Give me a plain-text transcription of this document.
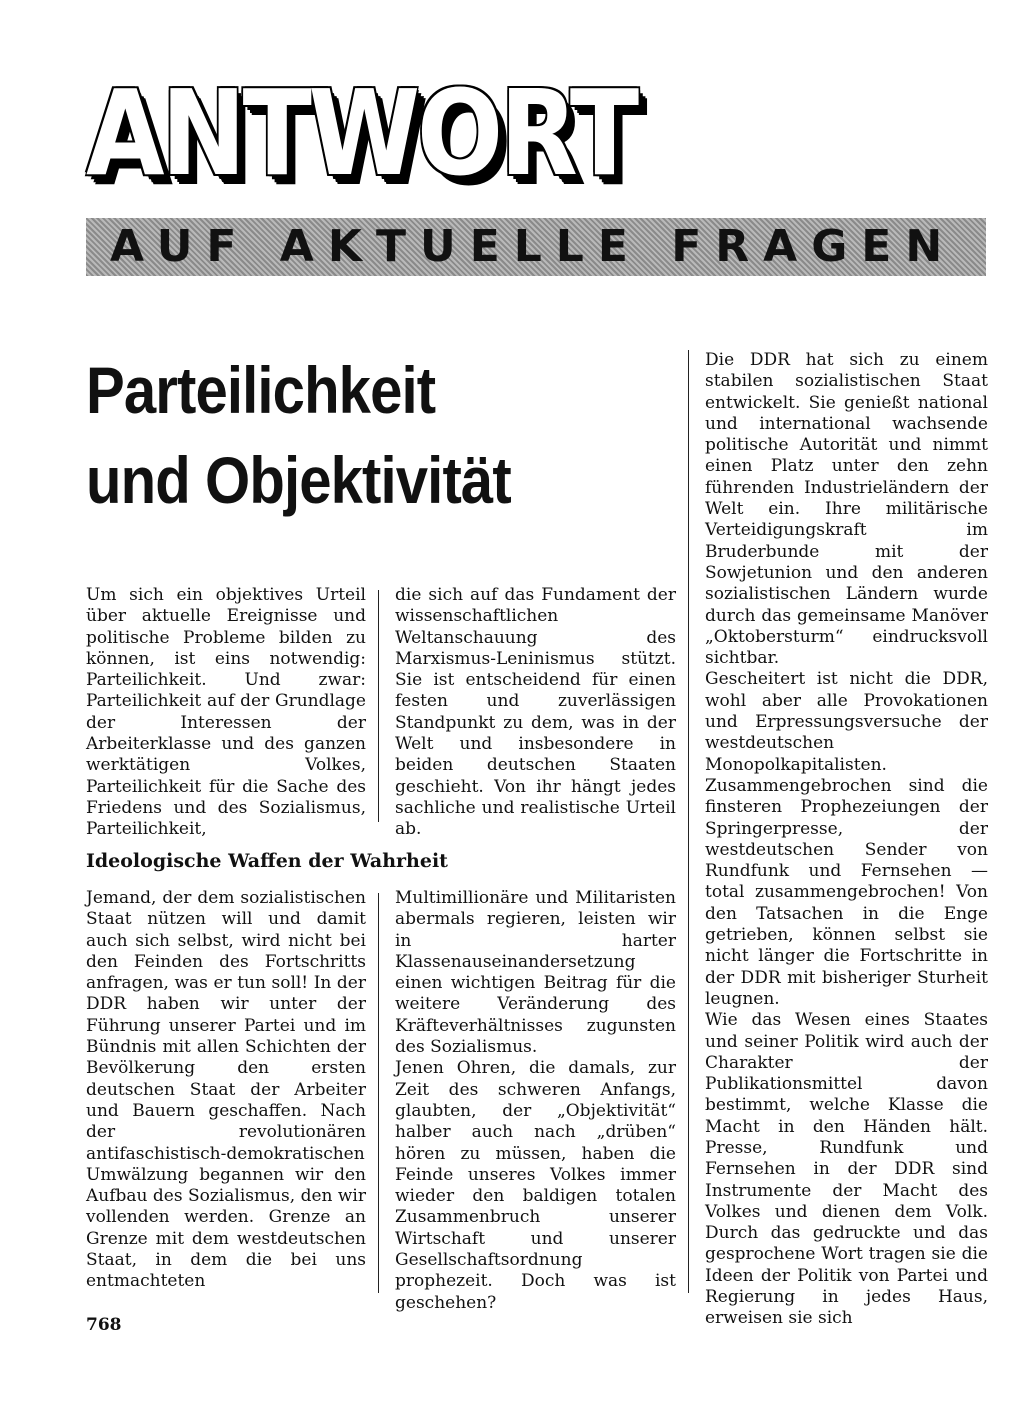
ANTWORT
AUF AKTUELLE FRAGEN
Parteilichkeit
und Objektivität

Um sich ein objektives Urteil über aktuelle Ereignisse und politische Probleme bilden zu können, ist eins notwendig: Parteilichkeit. Und zwar: Parteilichkeit auf der Grundlage der Interessen der Arbeiterklasse und des ganzen werktätigen Volkes, Parteilichkeit für die Sache des Friedens und des Sozialismus, Parteilichkeit,

die sich auf das Fundament der wissenschaftlichen Weltanschauung des Marxismus-Leninismus stützt. Sie ist entscheidend für einen festen und zuverlässigen Standpunkt zu dem, was in der Welt und insbesondere in beiden deutschen Staaten geschieht. Von ihr hängt jedes sachliche und realistische Urteil ab.

Ideologische Waffen der Wahrheit

Jemand, der dem sozialistischen Staat nützen will und damit auch sich selbst, wird nicht bei den Feinden des Fortschritts anfragen, was er tun soll! In der DDR haben wir unter der Führung unserer Partei und im Bündnis mit allen Schichten der Bevölkerung den ersten deutschen Staat der Arbeiter und Bauern geschaffen. Nach der revolutionären antifaschistisch-demokratischen Umwälzung begannen wir den Aufbau des Sozialismus, den wir vollenden werden. Grenze an Grenze mit dem westdeutschen Staat, in dem die bei uns entmachteten

Multimillionäre und Militaristen abermals regieren, leisten wir in harter Klassenauseinandersetzung einen wichtigen Beitrag für die weitere Veränderung des Kräfteverhältnisses zugunsten des Sozialismus.

Jenen Ohren, die damals, zur Zeit des schweren Anfangs, glaubten, der „Objektivität“ halber auch nach „drüben“ hören zu müssen, haben die Feinde unseres Volkes immer wieder den baldigen totalen Zusammenbruch unserer Wirtschaft und unserer Gesellschaftsordnung prophezeit. Doch was ist geschehen?

Die DDR hat sich zu einem stabilen sozialistischen Staat entwickelt. Sie genießt national und international wachsende politische Autorität und nimmt einen Platz unter den zehn führenden Industrieländern der Welt ein. Ihre militärische Verteidigungskraft im Bruderbunde mit der Sowjetunion und den anderen sozialistischen Ländern wurde durch das gemeinsame Manöver „Oktobersturm“ eindrucksvoll sichtbar.

Gescheitert ist nicht die DDR, wohl aber alle Provokationen und Erpressungsversuche der westdeutschen Monopolkapitalisten. Zusammengebrochen sind die finsteren Prophezeiungen der Springerpresse, der westdeutschen Sender von Rundfunk und Fernsehen — total zusammengebrochen! Von den Tatsachen in die Enge getrieben, können selbst sie nicht länger die Fortschritte in der DDR mit bisheriger Sturheit leugnen.

Wie das Wesen eines Staates und seiner Politik wird auch der Charakter der Publikationsmittel davon bestimmt, welche Klasse die Macht in den Händen hält. Presse, Rundfunk und Fernsehen in der DDR sind Instrumente der Macht des Volkes und dienen dem Volk. Durch das gedruckte und das gesprochene Wort tragen sie die Ideen der Politik von Partei und Regierung in jedes Haus, erweisen sie sich

768
